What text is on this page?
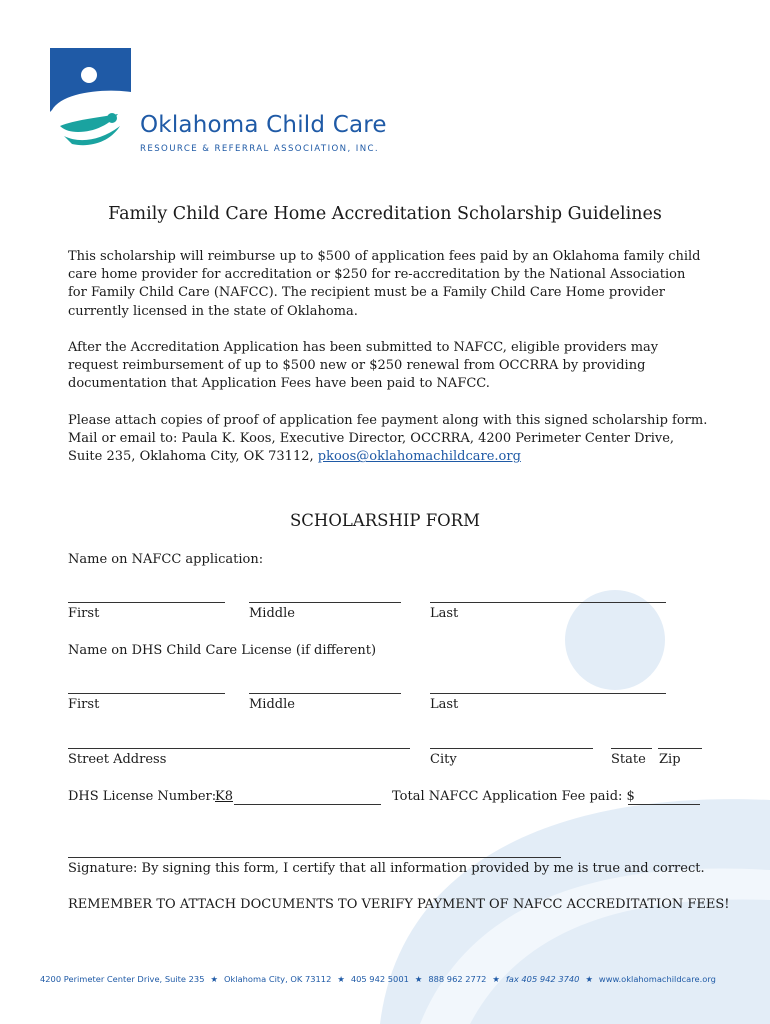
Oklahoma Child Care
RESOURCE & REFERRAL ASSOCIATION, INC.
Family Child Care Home Accreditation Scholarship Guidelines
This scholarship will reimburse up to $500 of application fees paid by an Oklahoma family child care home provider for accreditation or $250 for re-accreditation by the National Association for Family Child Care (NAFCC). The recipient must be a Family Child Care Home provider currently licensed in the state of Oklahoma.
After the Accreditation Application has been submitted to NAFCC, eligible providers may request reimbursement of up to $500 new or $250 renewal from OCCRRA by providing documentation that Application Fees have been paid to NAFCC.
Please attach copies of proof of application fee payment along with this signed scholarship form. Mail or email to: Paula K. Koos, Executive Director, OCCRRA, 4200 Perimeter Center Drive, Suite 235, Oklahoma City, OK 73112, pkoos@oklahomachildcare.org
SCHOLARSHIP FORM
Name on NAFCC application:
First	Middle	Last
Name on DHS Child Care License (if different)
First	Middle	Last
Street Address	City	State Zip
DHS License Number:
K8	Total NAFCC Application Fee paid: $
Signature: By signing this form, I certify that all information provided by me is true and correct.
REMEMBER TO ATTACH DOCUMENTS TO VERIFY PAYMENT OF NAFCC ACCREDITATION FEES!
4200 Perimeter Center Drive, Suite 235 ★ Oklahoma City, OK 73112 ★ 405 942 5001 ★ 888 962 2772 ★ fax 405 942 3740 ★ www.oklahomachildcare.org
